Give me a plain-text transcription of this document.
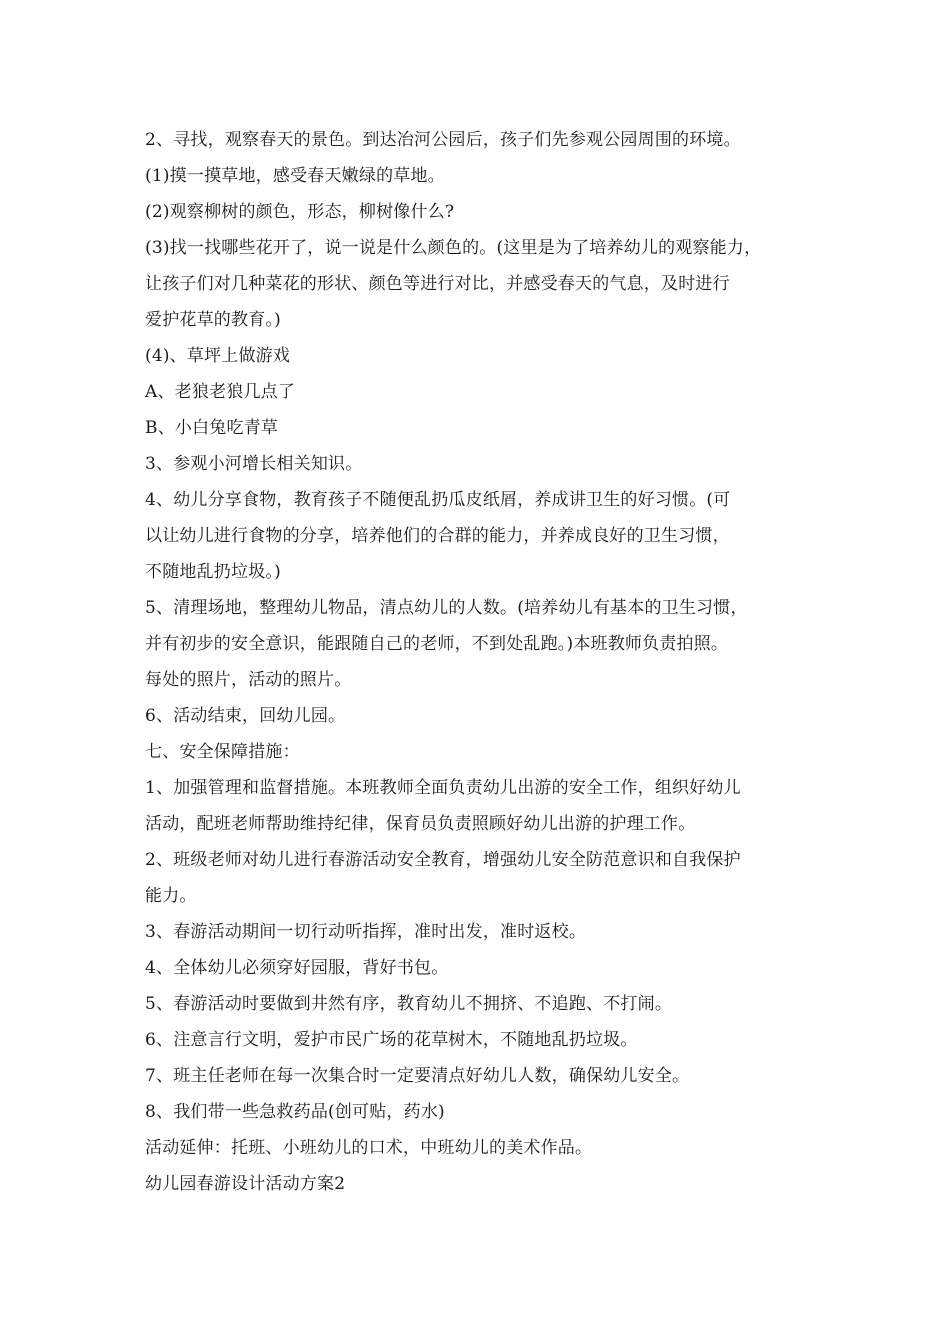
2、寻找，观察春天的景色。到达冶河公园后，孩子们先参观公园周围的环境。
(1)摸一摸草地，感受春天嫩绿的草地。
(2)观察柳树的颜色，形态，柳树像什么?
(3)找一找哪些花开了，说一说是什么颜色的。(这里是为了培养幼儿的观察能力，
让孩子们对几种菜花的形状、颜色等进行对比，并感受春天的气息，及时进行
爱护花草的教育。)
(4)、草坪上做游戏
A、老狼老狼几点了
B、小白兔吃青草
3、参观小河增长相关知识。
4、幼儿分享食物，教育孩子不随便乱扔瓜皮纸屑，养成讲卫生的好习惯。(可
以让幼儿进行食物的分享，培养他们的合群的能力，并养成良好的卫生习惯，
不随地乱扔垃圾。)
5、清理场地，整理幼儿物品，清点幼儿的人数。(培养幼儿有基本的卫生习惯，
并有初步的安全意识，能跟随自己的老师，不到处乱跑。)本班教师负责拍照。
每处的照片，活动的照片。
6、活动结束，回幼儿园。
七、安全保障措施：
1、加强管理和监督措施。本班教师全面负责幼儿出游的安全工作，组织好幼儿
活动，配班老师帮助维持纪律，保育员负责照顾好幼儿出游的护理工作。
2、班级老师对幼儿进行春游活动安全教育，增强幼儿安全防范意识和自我保护
能力。
3、春游活动期间一切行动听指挥，准时出发，准时返校。
4、全体幼儿必须穿好园服，背好书包。
5、春游活动时要做到井然有序，教育幼儿不拥挤、不追跑、不打闹。
6、注意言行文明，爱护市民广场的花草树木，不随地乱扔垃圾。
7、班主任老师在每一次集合时一定要清点好幼儿人数，确保幼儿安全。
8、我们带一些急救药品(创可贴，药水)
活动延伸：托班、小班幼儿的口术，中班幼儿的美术作品。
幼儿园春游设计活动方案2
